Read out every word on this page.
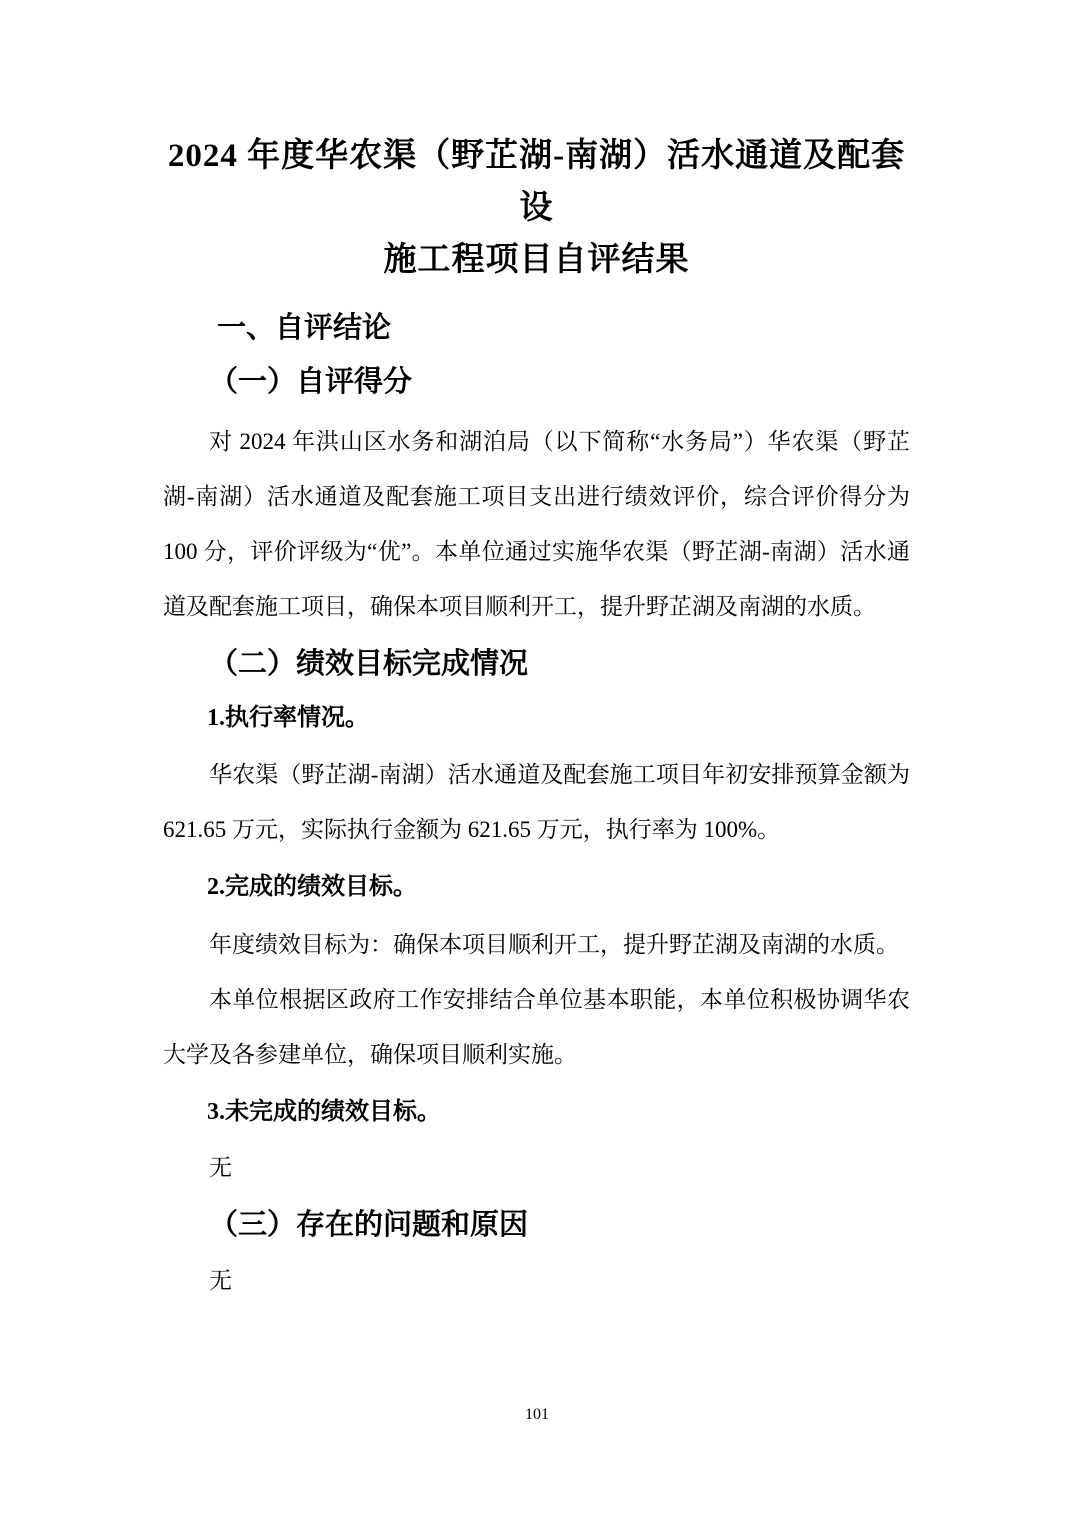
2024 年度华农渠（野芷湖-南湖）活水通道及配套设
施工程项目自评结果
一、自评结论
（一）自评得分
对 2024 年洪山区水务和湖泊局（以下简称“水务局”）华农渠（野芷湖-南湖）活水通道及配套施工项目支出进行绩效评价，综合评价得分为 100 分，评价评级为“优”。本单位通过实施华农渠（野芷湖-南湖）活水通道及配套施工项目，确保本项目顺利开工，提升野芷湖及南湖的水质。
（二）绩效目标完成情况
1.执行率情况。
华农渠（野芷湖-南湖）活水通道及配套施工项目年初安排预算金额为 621.65 万元，实际执行金额为 621.65 万元，执行率为 100%。
2.完成的绩效目标。
年度绩效目标为：确保本项目顺利开工，提升野芷湖及南湖的水质。
本单位根据区政府工作安排结合单位基本职能，本单位积极协调华农大学及各参建单位，确保项目顺利实施。
3.未完成的绩效目标。
无
（三）存在的问题和原因
无
101
